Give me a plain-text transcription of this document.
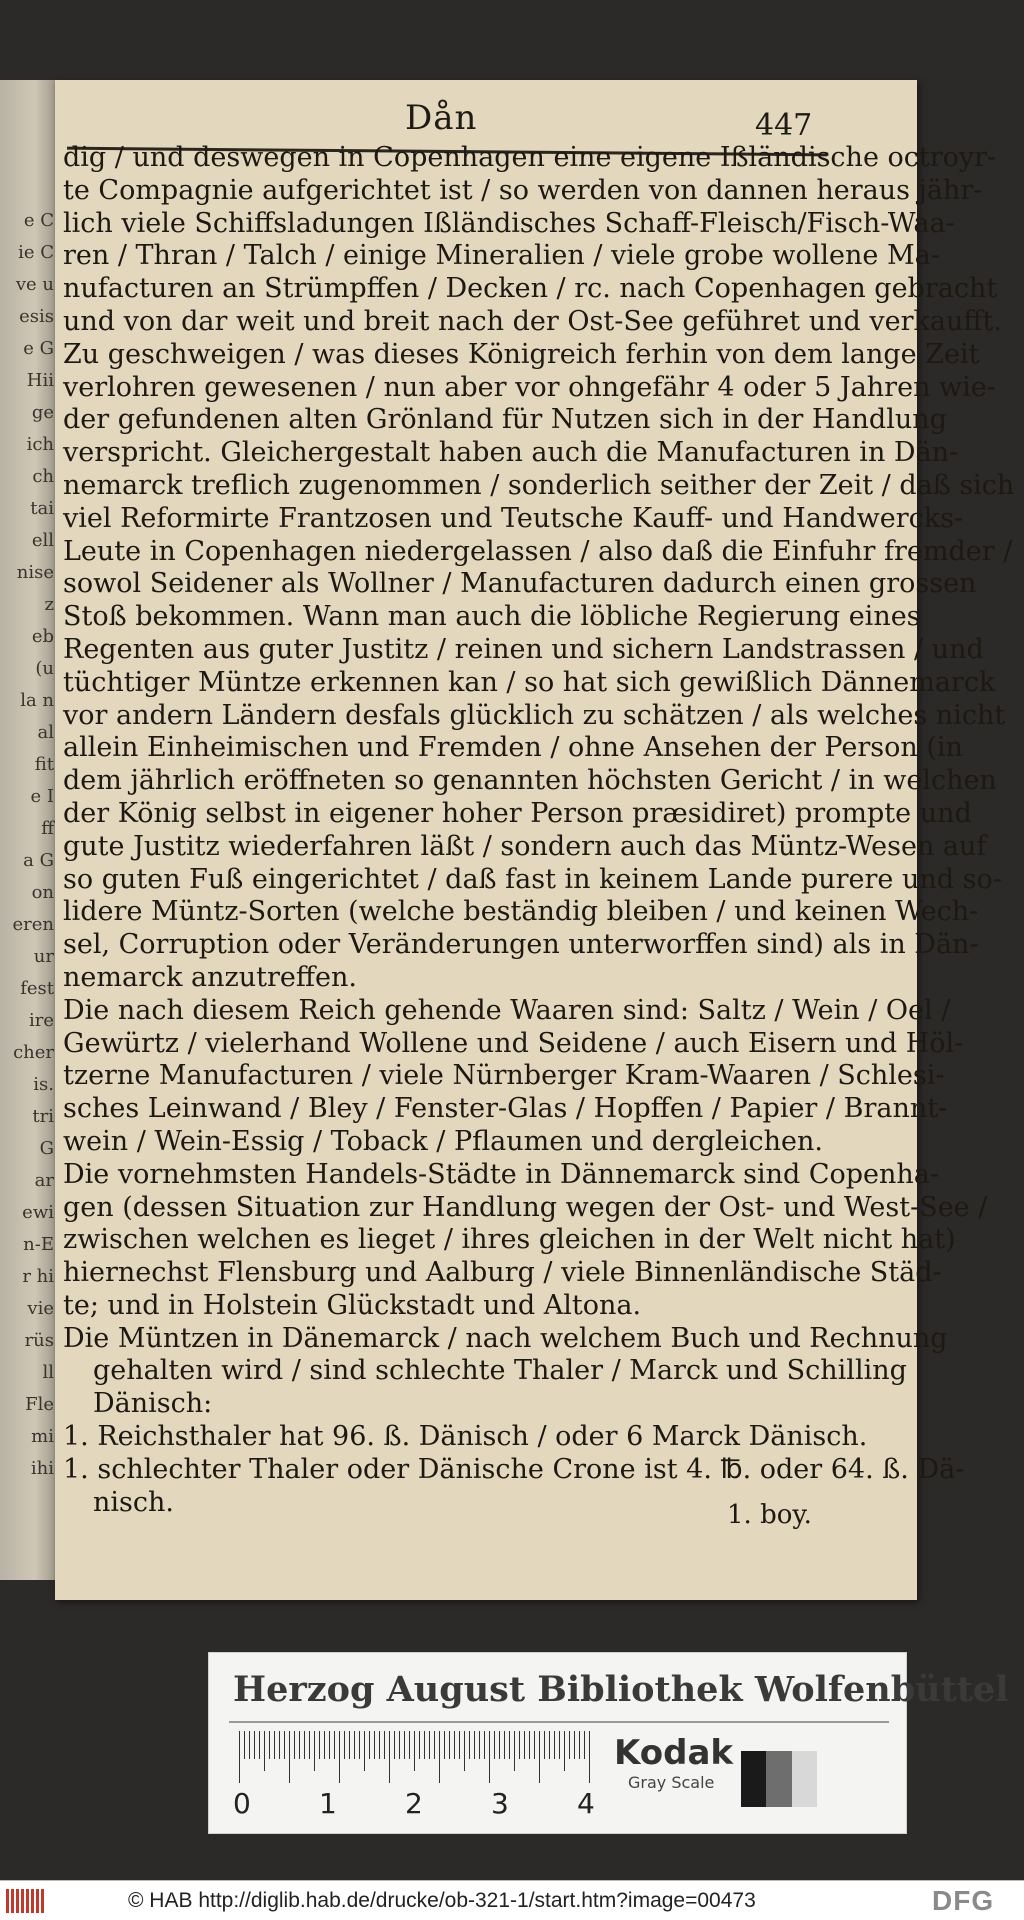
e C
ie C
ve u
esis
e G
Hii
ge
ich
ch
tai
ell
nise
z
eb
(u
la n
al
fit
e I
ff
a G
on
eren
ur
fest
ire
cher
is.
tri
G
ar
ewi
n-E
r hi
vie
rüs
ll
Fle
mi
ihi
Dån	447
dig / und deswegen in Copenhagen eine eigene Ißländische octroyr-
te Compagnie aufgerichtet ist / so werden von dannen heraus jähr-
lich viele Schiffsladungen Ißländisches Schaff-Fleisch/Fisch-Waa-
ren / Thran / Talch / einige Mineralien / viele grobe wollene Ma-
nufacturen an Strümpffen / Decken / rc. nach Copenhagen gebracht
und von dar weit und breit nach der Ost-See geführet und verkaufft.
Zu geschweigen / was dieses Königreich ferhin von dem lange Zeit
verlohren gewesenen / nun aber vor ohngefähr 4 oder 5 Jahren wie-
der gefundenen alten Grönland für Nutzen sich in der Handlung
verspricht. Gleichergestalt haben auch die Manufacturen in Dän-
nemarck treflich zugenommen / sonderlich seither der Zeit / daß sich
viel Reformirte Frantzosen und Teutsche Kauff- und Handwercks-
Leute in Copenhagen niedergelassen / also daß die Einfuhr fremder /
sowol Seidener als Wollner / Manufacturen dadurch einen grossen
Stoß bekommen. Wann man auch die löbliche Regierung eines
Regenten aus guter Justitz / reinen und sichern Landstrassen / und
tüchtiger Müntze erkennen kan / so hat sich gewißlich Dännemarck
vor andern Ländern desfals glücklich zu schätzen / als welches nicht
allein Einheimischen und Fremden / ohne Ansehen der Person (in
dem jährlich eröffneten so genannten höchsten Gericht / in welchen
der König selbst in eigener hoher Person præsidiret) prompte und
gute Justitz wiederfahren läßt / sondern auch das Müntz-Wesen auf
so guten Fuß eingerichtet / daß fast in keinem Lande purere und so-
lidere Müntz-Sorten (welche beständig bleiben / und keinen Wech-
sel, Corruption oder Veränderungen unterworffen sind) als in Dän-
nemarck anzutreffen.
Die nach diesem Reich gehende Waaren sind: Saltz / Wein / Oel /
Gewürtz / vielerhand Wollene und Seidene / auch Eisern und Höl-
tzerne Manufacturen / viele Nürnberger Kram-Waaren / Schlesi-
sches Leinwand / Bley / Fenster-Glas / Hopffen / Papier / Brannt-
wein / Wein-Essig / Toback / Pflaumen und dergleichen.
Die vornehmsten Handels-Städte in Dännemarck sind Copenha-
gen (dessen Situation zur Handlung wegen der Ost- und West-See /
zwischen welchen es lieget / ihres gleichen in der Welt nicht hat)
hiernechst Flensburg und Aalburg / viele Binnenländische Städ-
te; und in Holstein Glückstadt und Altona.
Die Müntzen in Dänemarck / nach welchem Buch und Rechnung
gehalten wird / sind schlechte Thaler / Marck und Schilling
Dänisch:
1. Reichsthaler hat 96. ß. Dänisch / oder 6 Marck Dänisch.
1. schlechter Thaler oder Dänische Crone ist 4. ℔. oder 64. ß. Dä-
nisch.	1. boy.
Herzog August Bibliothek Wolfenbüttel
0 1 2 3 4
Kodak
Gray Scale
© HAB http://diglib.hab.de/drucke/ob-321-1/start.htm?image=00473	DFG
